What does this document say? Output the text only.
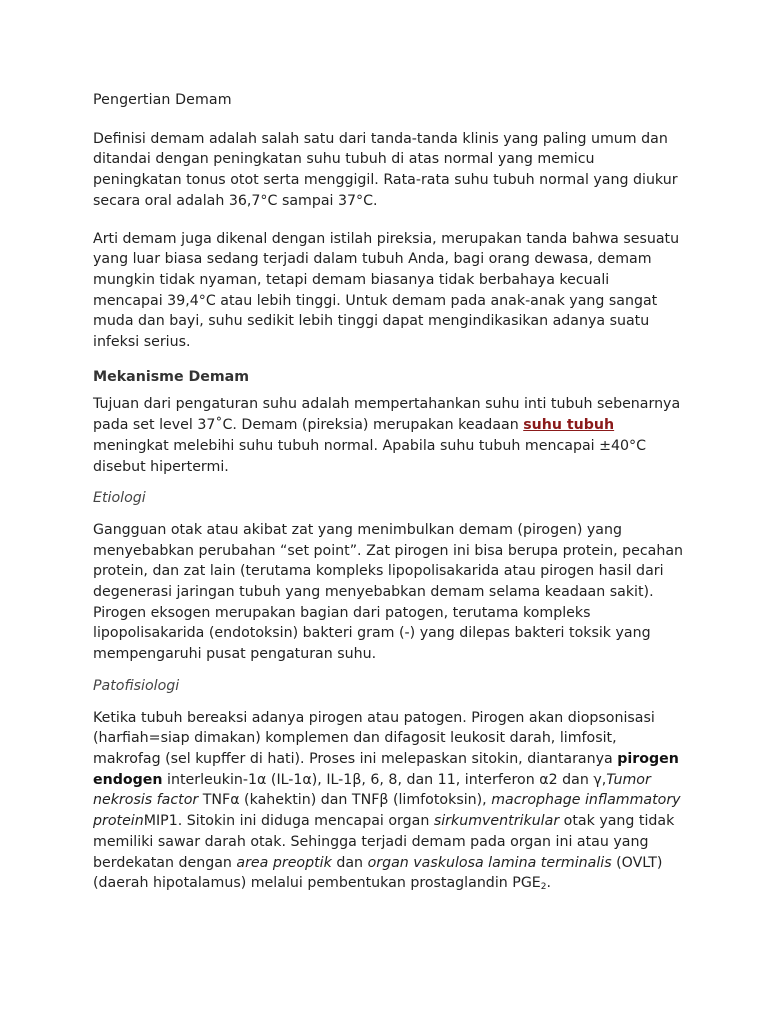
Pengertian Demam

Definisi demam adalah salah satu dari tanda-tanda klinis yang paling umum dan ditandai dengan peningkatan suhu tubuh di atas normal yang memicu peningkatan tonus otot serta menggigil. Rata-rata suhu tubuh normal yang diukur secara oral adalah 36,7°C sampai 37°C.

Arti demam juga dikenal dengan istilah pireksia, merupakan tanda bahwa sesuatu yang luar biasa sedang terjadi dalam tubuh Anda, bagi orang dewasa, demam mungkin tidak nyaman, tetapi demam biasanya tidak berbahaya kecuali mencapai 39,4°C atau lebih tinggi. Untuk demam pada anak-anak yang sangat muda dan bayi, suhu sedikit lebih tinggi dapat mengindikasikan adanya suatu infeksi serius.

Mekanisme Demam

Tujuan dari pengaturan suhu adalah mempertahankan suhu inti tubuh sebenarnya pada set level 37˚C. Demam (pireksia) merupakan keadaan suhu tubuh meningkat melebihi suhu tubuh normal. Apabila suhu tubuh mencapai ±40°C disebut hipertermi.

Etiologi

Gangguan otak atau akibat zat yang menimbulkan demam (pirogen) yang menyebabkan perubahan “set point”. Zat pirogen ini bisa berupa protein, pecahan protein, dan zat lain (terutama kompleks lipopolisakarida atau pirogen hasil dari degenerasi jaringan tubuh yang menyebabkan demam selama keadaan sakit). Pirogen eksogen merupakan bagian dari patogen, terutama kompleks lipopolisakarida (endotoksin) bakteri gram (-) yang dilepas bakteri toksik yang mempengaruhi pusat pengaturan suhu.

Patofisiologi

Ketika tubuh bereaksi adanya pirogen atau patogen. Pirogen akan diopsonisasi (harfiah=siap dimakan) komplemen dan difagosit leukosit darah, limfosit, makrofag (sel kupffer di hati). Proses ini melepaskan sitokin, diantaranya pirogen endogen interleukin-1α (IL-1α), IL-1β, 6, 8, dan 11, interferon α2 dan γ,Tumor nekrosis factor TNFα (kahektin) dan TNFβ (limfotoksin), macrophage inflammatory proteinMIP1. Sitokin ini diduga mencapai organ sirkumventrikular otak yang tidak memiliki sawar darah otak. Sehingga terjadi demam pada organ ini atau yang berdekatan dengan area preoptik dan organ vaskulosa lamina terminalis (OVLT) (daerah hipotalamus) melalui pembentukan prostaglandin $PGE_2$.
